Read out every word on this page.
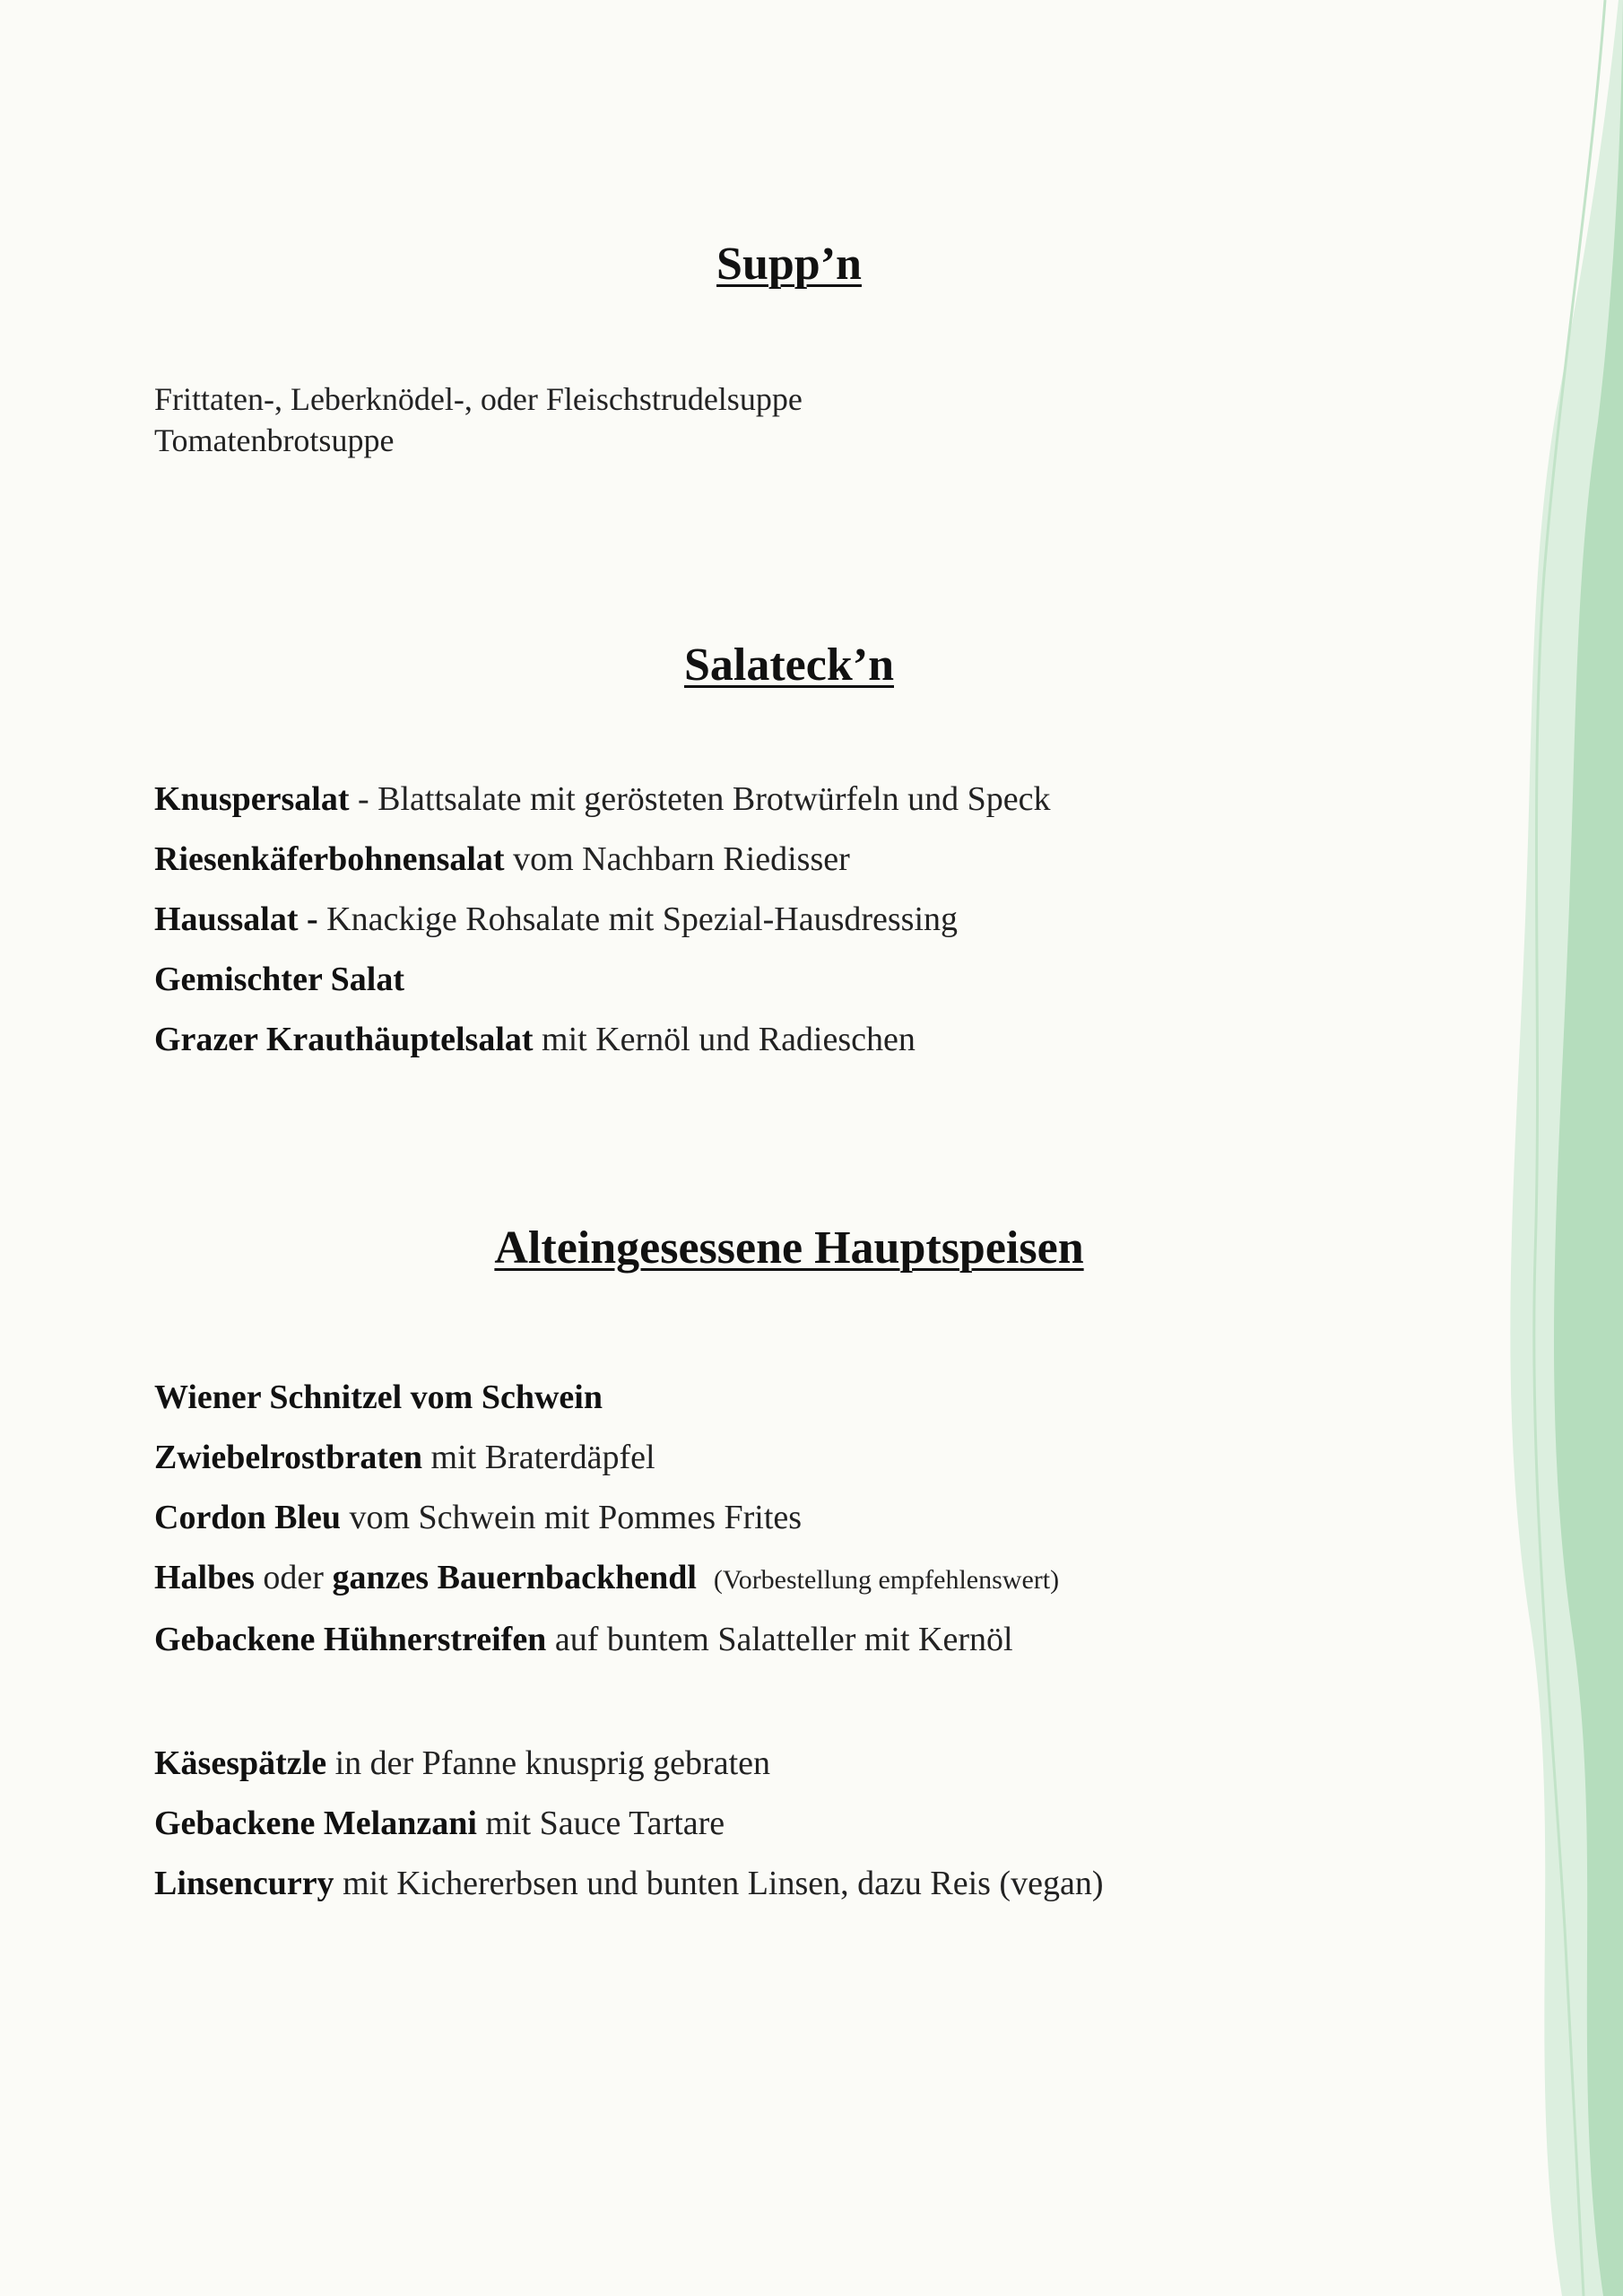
Supp’n

Frittaten-, Leberknödel-, oder Fleischstrudelsuppe

Tomatenbrotsuppe

Salateck’n
Knuspersalat - Blattsalate mit gerösteten Brotwürfeln und Speck
Riesenkäferbohnensalat vom Nachbarn Riedisser
Haussalat - Knackige Rohsalate mit Spezial-Hausdressing
Gemischter Salat
Grazer Krauthäuptelsalat mit Kernöl und Radieschen
Alteingesessene Hauptspeisen
Wiener Schnitzel vom Schwein
Zwiebelrostbraten mit Braterdäpfel
Cordon Bleu vom Schwein mit Pommes Frites
Halbes oder ganzes Bauernbackhendl (Vorbestellung empfehlenswert)
Gebackene Hühnerstreifen auf buntem Salatteller mit Kernöl
Käsespätzle in der Pfanne knusprig gebraten
Gebackene Melanzani mit Sauce Tartare
Linsencurry mit Kichererbsen und bunten Linsen, dazu Reis (vegan)
